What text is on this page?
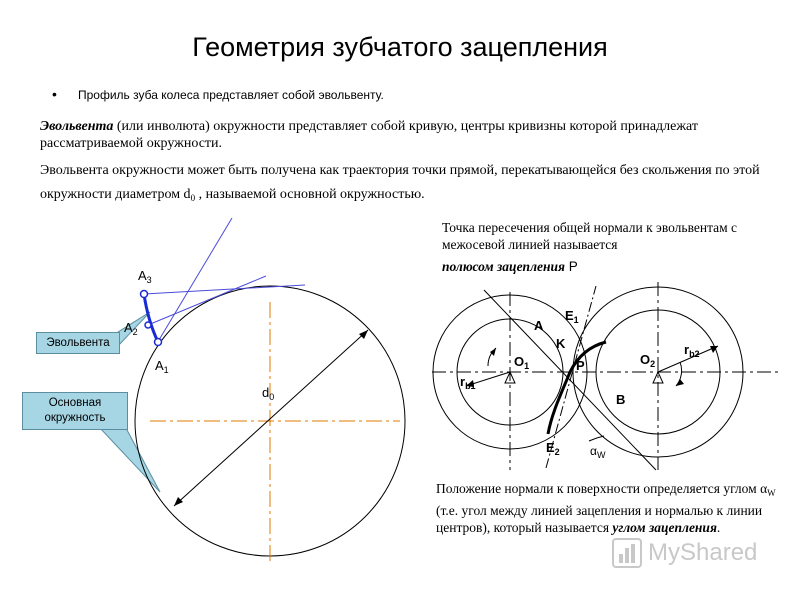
Геометрия зубчатого зацепления
• Профиль зуба колеса представляет собой эвольвенту.
Эвольвента (или инволюта) окружности представляет собой кривую, центры кривизны которой принадлежат рассматриваемой окружности.
Эвольвента окружности может быть получена как траектория точки прямой, перекатывающейся без скольжения по этой окружности диаметром $d_0$ , называемой основной окружностью.
Точка пересечения общей нормали к эвольвентам с межосевой линией называется
полюсом зацепления P
Положение нормали к поверхности определяется углом $\alpha_W$ (т.е. угол между линией зацепления и нормалью к линии центров), который называется углом зацепления.
Эвольвента
Основная окружность
$A_3$
$A_2$
$A_1$
$d_0$
A
$E_1$
K
$O_1$	P	$O_2$
$r_{b1}$
$r_{b2}$
B
$E_2$	$\alpha_W$
MyShared
